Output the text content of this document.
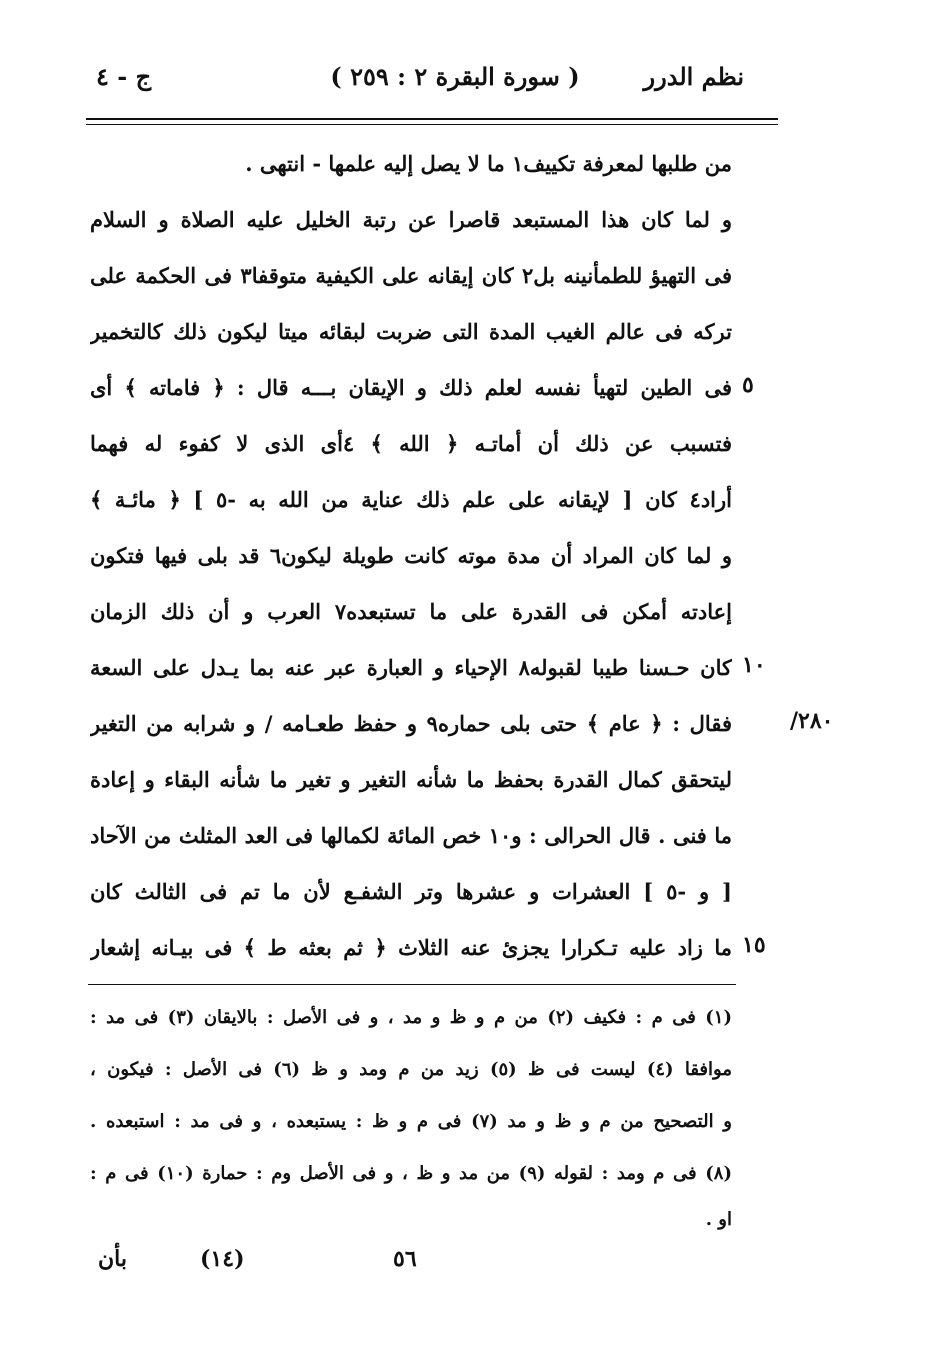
نظم الدرر
( سورة البقرة ٢ : ٢٥٩ )
ج - ٤
من طلبها لمعرفة تكييف١ ما لا يصل إليه علمها - انتهى .
و لما كان هذا المستبعد قاصرا عن رتبة الخليل عليه الصلاة و السلام
فى التهيؤ للطمأنينه بل٢ كان إيقانه على الكيفية متوقفا٣ فى الحكمة على
تركه فى عالم الغيب المدة التى ضربت لبقائه ميتا ليكون ذلك كالتخمير
فى الطين لتهيأ نفسه لعلم ذلك و الإيقان بـــه قال : ﴿ فاماته ﴾ أى
فتسبب عن ذلك أن أماتـه ﴿ الله ﴾ ٤أى الذى لا كفوء له فهما
أراد٤ كان [ لإيقانه على علم ذلك عناية من الله به -٥ ] ﴿ مائـة ﴾
و لما كان المراد أن مدة موته كانت طويلة ليكون٦ قد بلى فيها فتكون
إعادته أمكن فى القدرة على ما تستبعده٧ العرب و أن ذلك الزمان
كان حـسنا طيبا لقبوله٨ الإحياء و العبارة عبر عنه بما يـدل على السعة
فقال : ﴿ عام ﴾ حتى بلى حماره٩ و حفظ طعـامه / و شرابه من التغير
ليتحقق كمال القدرة بحفظ ما شأنه التغير و تغير ما شأنه البقاء و إعادة
ما فنى . قال الحرالى : و١٠ خص المائة لكمالها فى العد المثلث من الآحاد
[ و -٥ ] العشرات و عشرها وتر الشفـع لأن ما تم فى الثالث كان
ما زاد عليه تـكرارا يجزئ عنه الثلاث ﴿ ثم بعثه ط ﴾ فى بيـانه إشعار
٥
١٠
١٥
/٢٨٠
(١) فى م : فكيف (٢) من م و ظ و مد ، و فى الأصل : بالايقان (٣) فى مد :
موافقا (٤) ليست فى ظ (٥) زيد من م ومد و ظ (٦) فى الأصل : فيكون ،
و التصحيح من م و ظ و مد (٧) فى م و ظ : يستبعده ، و فى مد : استبعده .
(٨) فى م ومد : لقوله (٩) من مد و ظ ، و فى الأصل وم : حمارة (١٠) فى م :
او .
٥٦
(١٤)
بأن
